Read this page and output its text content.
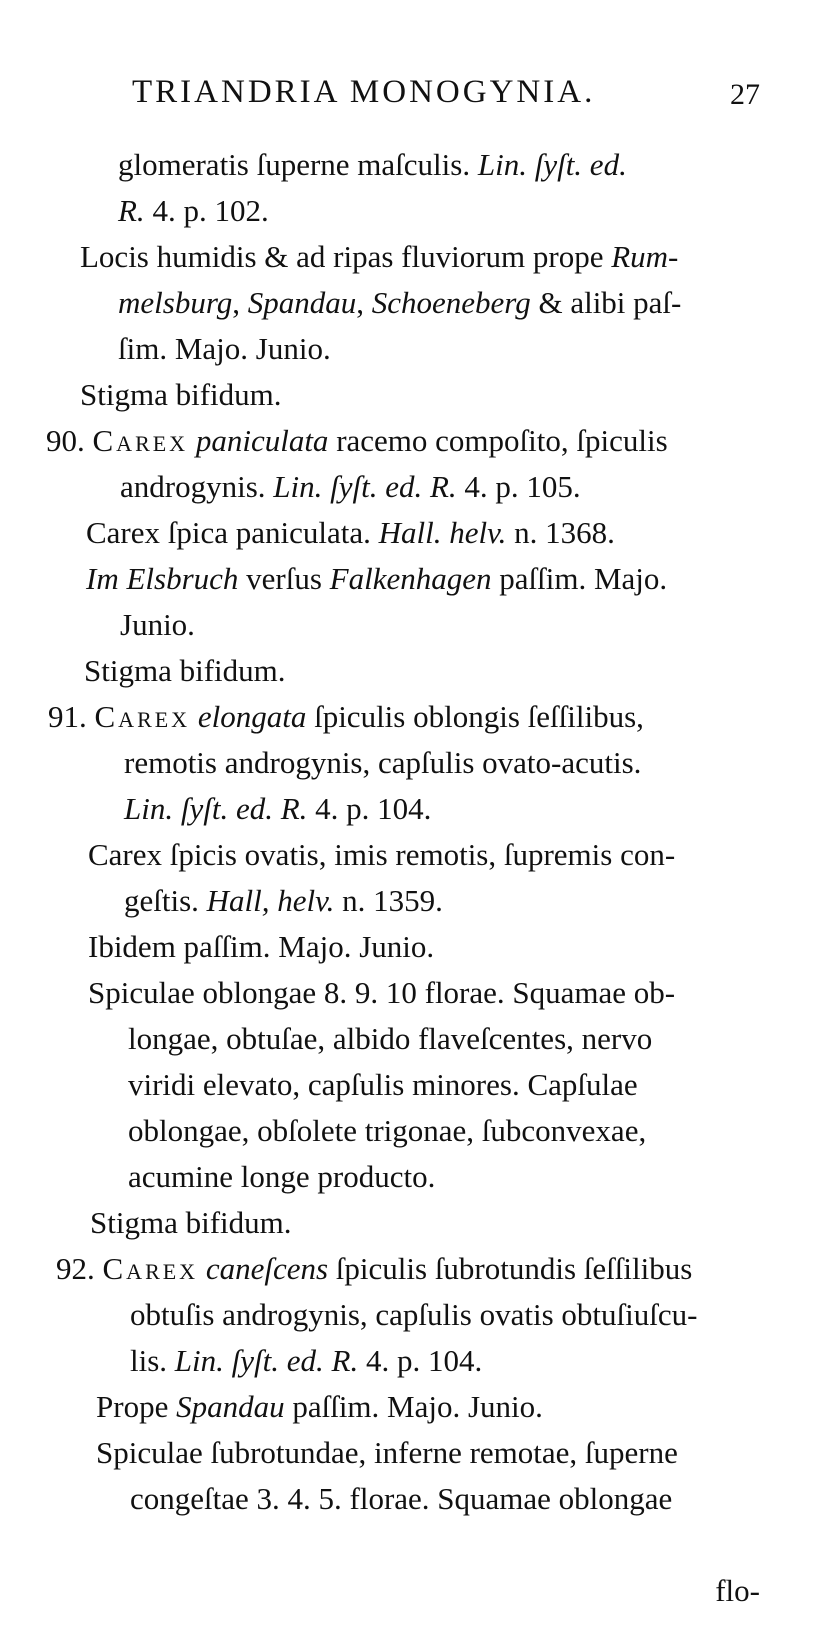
TRIANDRIA MONOGYNIA.	27
glomeratis ſuperne maſculis. Lin. ſyſt. ed.
R. 4. p. 102.
Locis humidis & ad ripas fluviorum prope Rum-
melsburg, Spandau, Schoeneberg & alibi paſ-
ſim. Majo. Junio.
Stigma bifidum.
90. Carex paniculata racemo compoſito, ſpiculis
androgynis. Lin. ſyſt. ed. R. 4. p. 105.
Carex ſpica paniculata. Hall. helv. n. 1368.
Im Elsbruch verſus Falkenhagen paſſim. Majo.
Junio.
Stigma bifidum.
91. Carex elongata ſpiculis oblongis ſeſſilibus,
remotis androgynis, capſulis ovato-acutis.
Lin. ſyſt. ed. R. 4. p. 104.
Carex ſpicis ovatis, imis remotis, ſupremis con-
geſtis. Hall, helv. n. 1359.
Ibidem paſſim. Majo. Junio.
Spiculae oblongae 8. 9. 10 florae. Squamae ob-
longae, obtuſae, albido flaveſcentes, nervo
viridi elevato, capſulis minores. Capſulae
oblongae, obſolete trigonae, ſubconvexae,
acumine longe producto.
Stigma bifidum.
92. Carex caneſcens ſpiculis ſubrotundis ſeſſilibus
obtuſis androgynis, capſulis ovatis obtuſiuſcu-
lis. Lin. ſyſt. ed. R. 4. p. 104.
Prope Spandau paſſim. Majo. Junio.
Spiculae ſubrotundae, inferne remotae, ſuperne
congeſtae 3. 4. 5. florae. Squamae oblongae
flo-
